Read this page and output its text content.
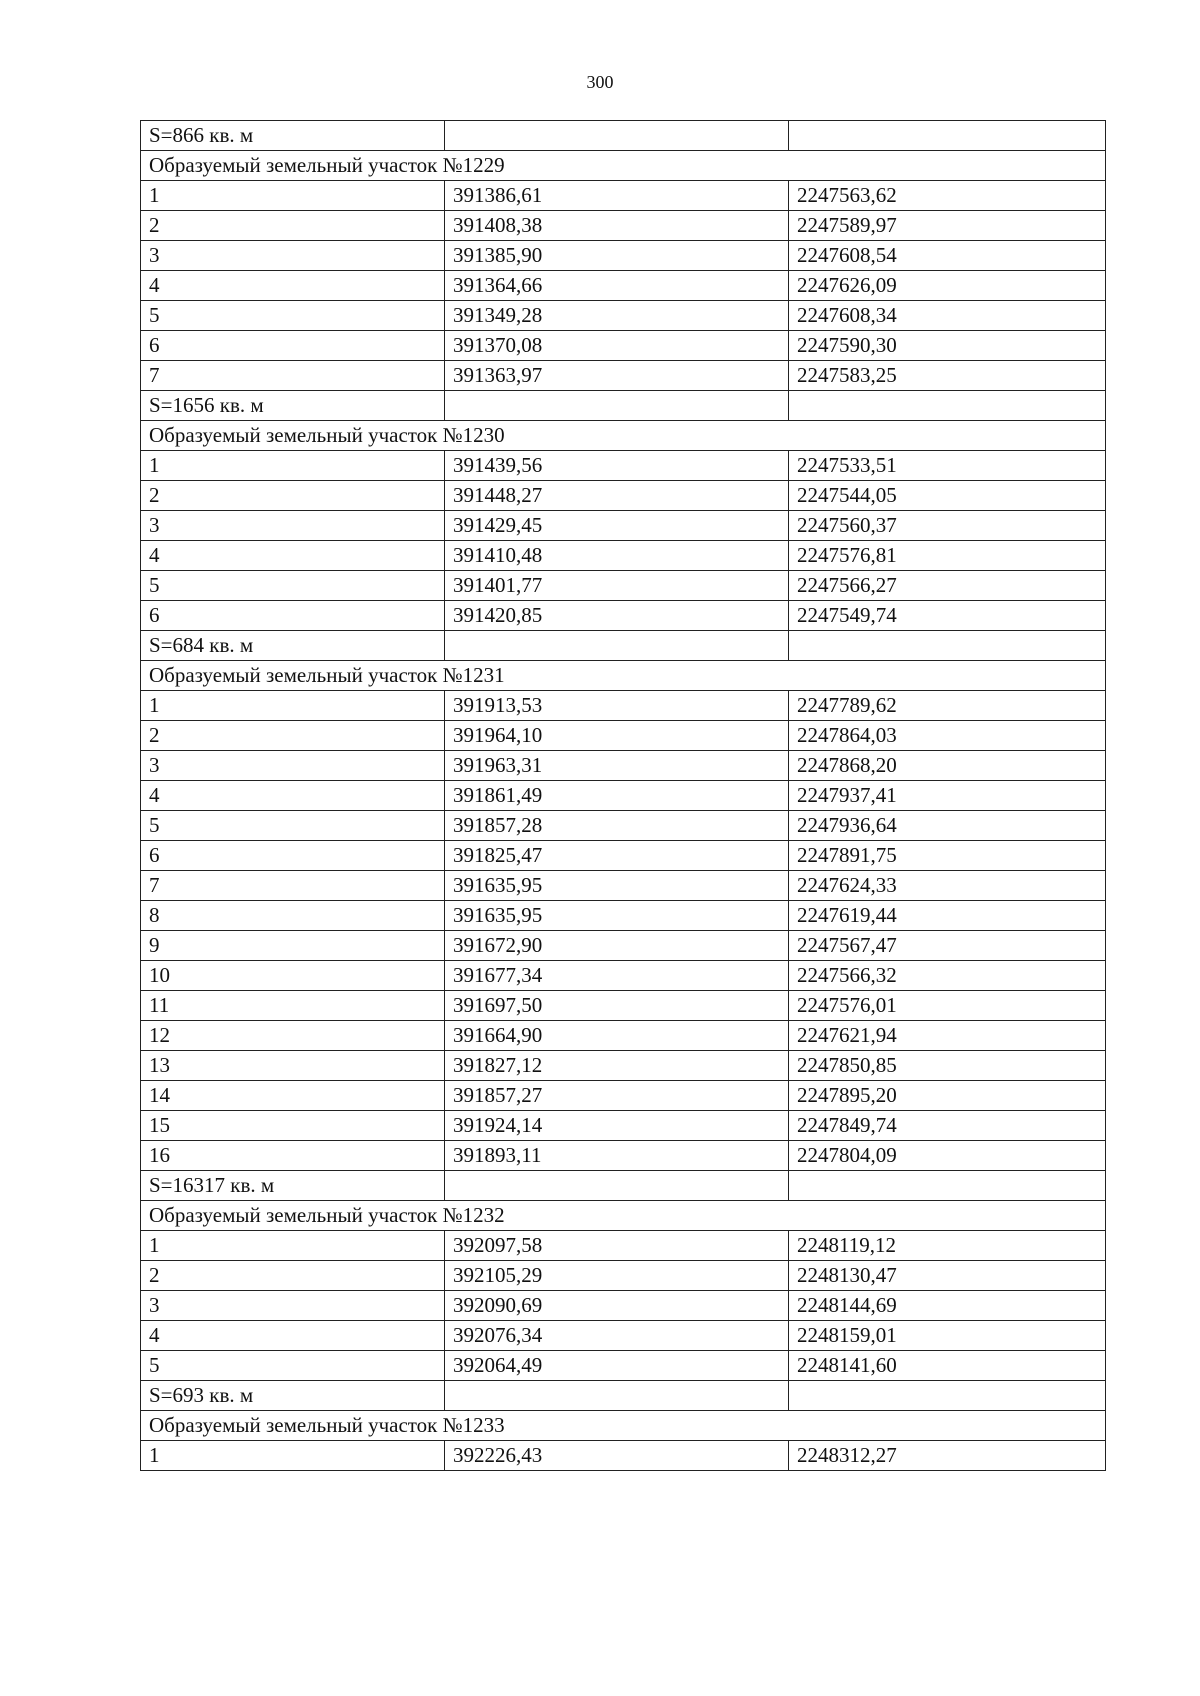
300
S=866 кв. м		
Образуемый земельный участок №1229		
1	391386,61	2247563,62
2	391408,38	2247589,97
3	391385,90	2247608,54
4	391364,66	2247626,09
5	391349,28	2247608,34
6	391370,08	2247590,30
7	391363,97	2247583,25
S=1656 кв. м		
Образуемый земельный участок №1230		
1	391439,56	2247533,51
2	391448,27	2247544,05
3	391429,45	2247560,37
4	391410,48	2247576,81
5	391401,77	2247566,27
6	391420,85	2247549,74
S=684 кв. м		
Образуемый земельный участок №1231		
1	391913,53	2247789,62
2	391964,10	2247864,03
3	391963,31	2247868,20
4	391861,49	2247937,41
5	391857,28	2247936,64
6	391825,47	2247891,75
7	391635,95	2247624,33
8	391635,95	2247619,44
9	391672,90	2247567,47
10	391677,34	2247566,32
11	391697,50	2247576,01
12	391664,90	2247621,94
13	391827,12	2247850,85
14	391857,27	2247895,20
15	391924,14	2247849,74
16	391893,11	2247804,09
S=16317 кв. м		
Образуемый земельный участок №1232		
1	392097,58	2248119,12
2	392105,29	2248130,47
3	392090,69	2248144,69
4	392076,34	2248159,01
5	392064,49	2248141,60
S=693 кв. м		
Образуемый земельный участок №1233		
1	392226,43	2248312,27
